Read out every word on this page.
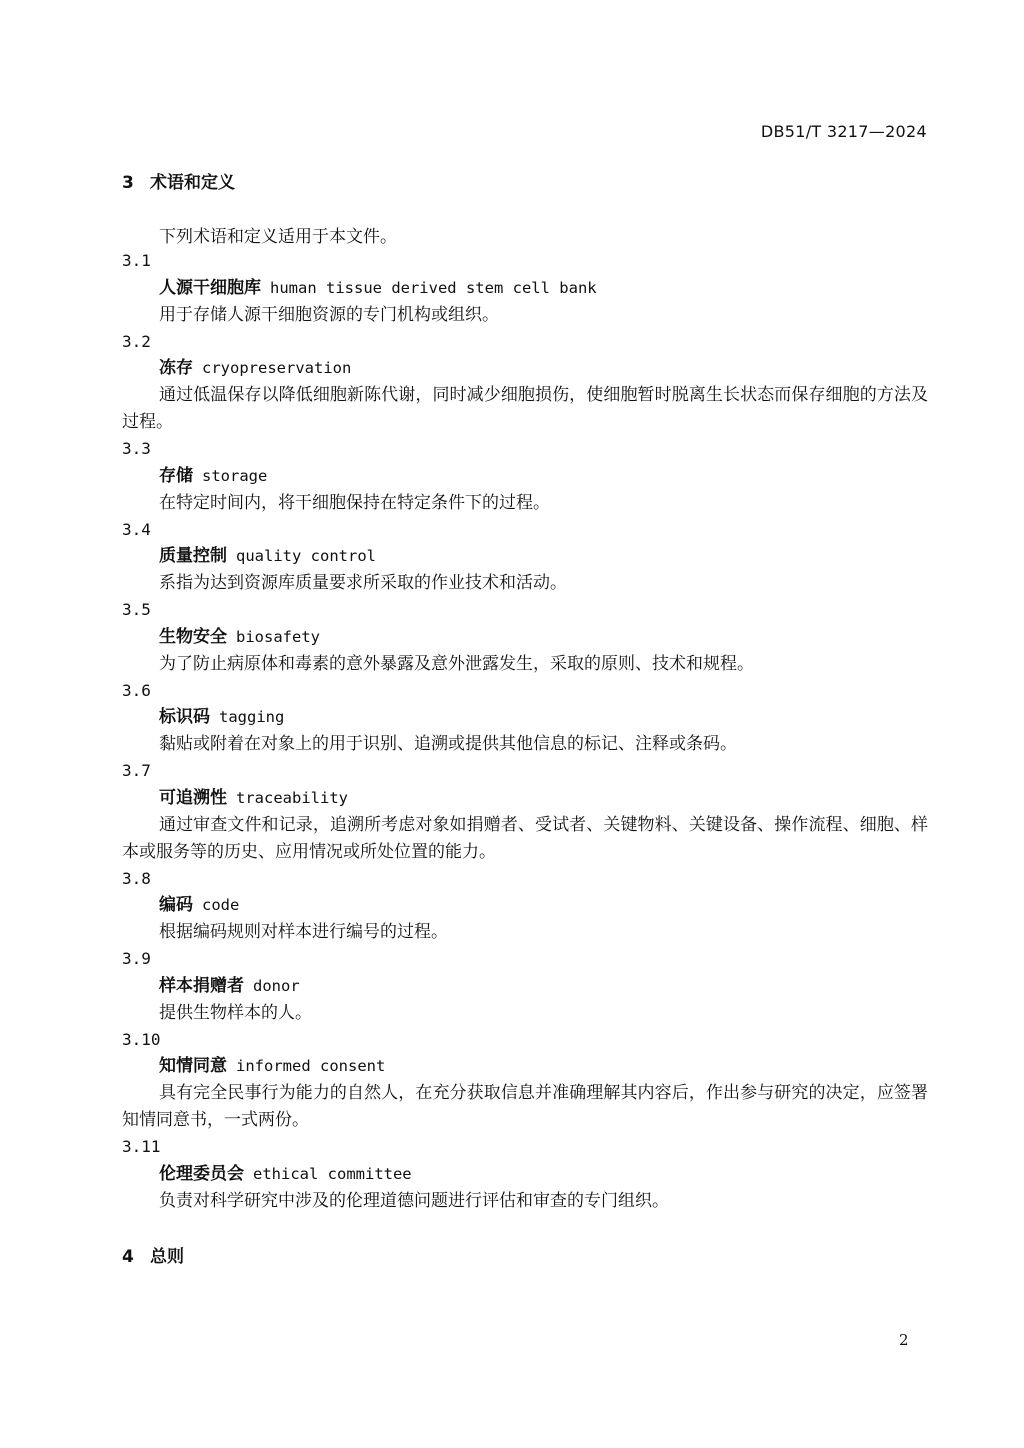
DB51/T 3217—2024
3 术语和定义
下列术语和定义适用于本文件。
3.1
人源干细胞库 human tissue derived stem cell bank
用于存储人源干细胞资源的专门机构或组织。
3.2
冻存 cryopreservation
通过低温保存以降低细胞新陈代谢，同时减少细胞损伤，使细胞暂时脱离生长状态而保存细胞的方法及过程。
3.3
存储 storage
在特定时间内，将干细胞保持在特定条件下的过程。
3.4
质量控制 quality control
系指为达到资源库质量要求所采取的作业技术和活动。
3.5
生物安全 biosafety
为了防止病原体和毒素的意外暴露及意外泄露发生，采取的原则、技术和规程。
3.6
标识码 tagging
黏贴或附着在对象上的用于识别、追溯或提供其他信息的标记、注释或条码。
3.7
可追溯性 traceability
通过审查文件和记录，追溯所考虑对象如捐赠者、受试者、关键物料、关键设备、操作流程、细胞、样本或服务等的历史、应用情况或所处位置的能力。
3.8
编码 code
根据编码规则对样本进行编号的过程。
3.9
样本捐赠者 donor
提供生物样本的人。
3.10
知情同意 informed consent
具有完全民事行为能力的自然人，在充分获取信息并准确理解其内容后，作出参与研究的决定，应签署知情同意书，一式两份。
3.11
伦理委员会 ethical committee
负责对科学研究中涉及的伦理道德问题进行评估和审查的专门组织。
4 总则
2
